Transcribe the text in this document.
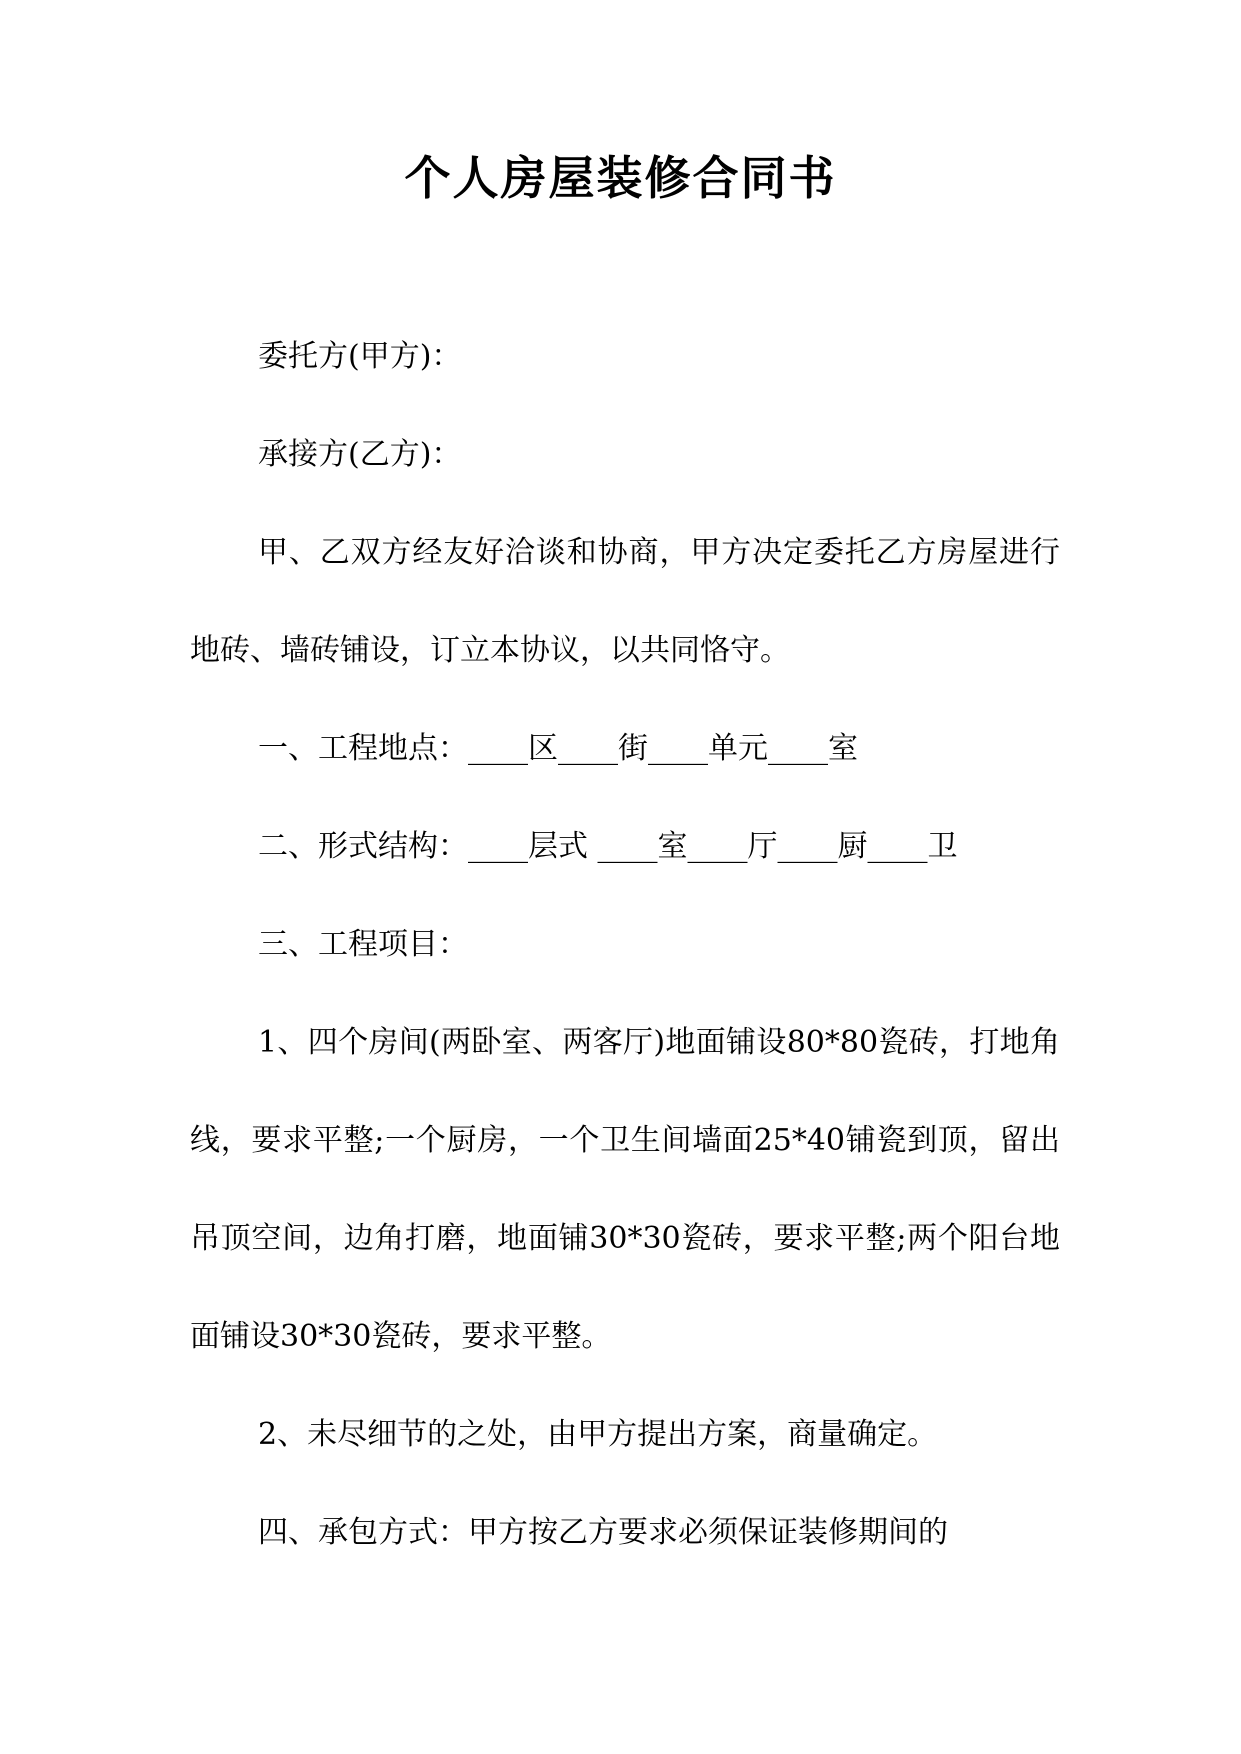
个人房屋装修合同书

委托方(甲方)：

承接方(乙方)：

甲、乙双方经友好洽谈和协商，甲方决定委托乙方房屋进行地砖、墙砖铺设，订立本协议，以共同恪守。

一、工程地点：____区____街____单元____室

二、形式结构：____层式 ____室____厅____厨____卫

三、工程项目：

1、四个房间(两卧室、两客厅)地面铺设80*80瓷砖，打地角线，要求平整;一个厨房，一个卫生间墙面25*40铺瓷到顶，留出吊顶空间，边角打磨，地面铺30*30瓷砖，要求平整;两个阳台地面铺设30*30瓷砖，要求平整。

2、未尽细节的之处，由甲方提出方案，商量确定。

四、承包方式：甲方按乙方要求必须保证装修期间的
